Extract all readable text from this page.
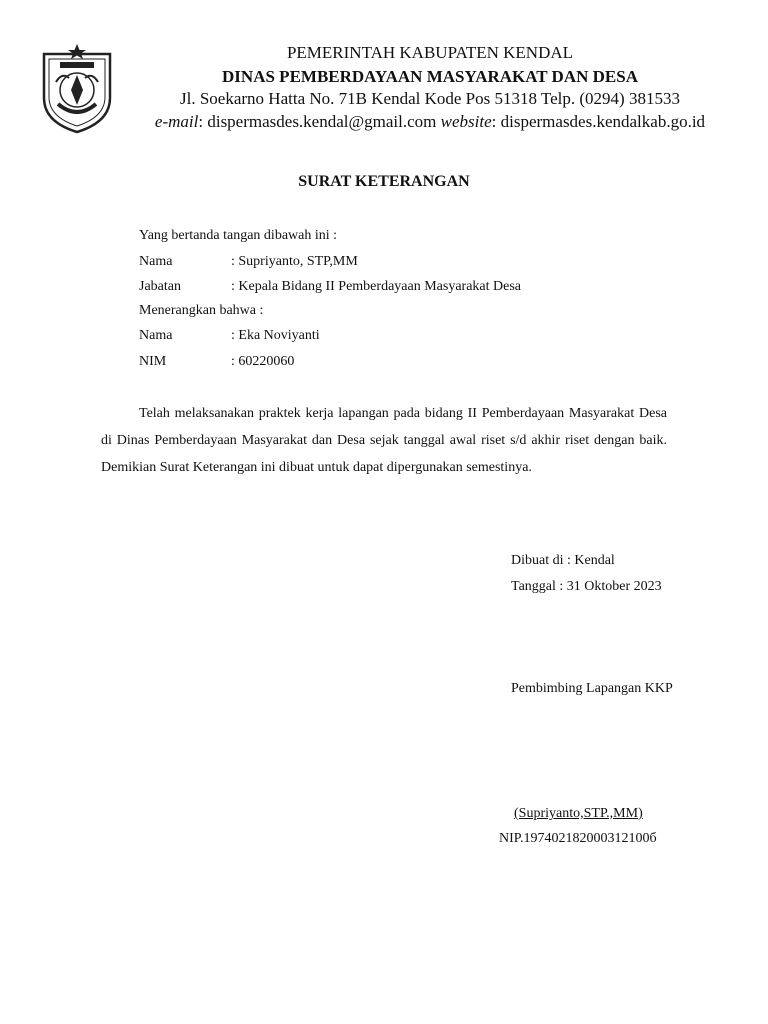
PEMERINTAH KABUPATEN KENDAL
DINAS PEMBERDAYAAN MASYARAKAT DAN DESA
Jl. Soekarno Hatta No. 71B Kendal Kode Pos 51318 Telp. (0294) 381533
e-mail: dispermasdes.kendal@gmail.com website: dispermasdes.kendalkab.go.id
SURAT KETERANGAN
Yang bertanda tangan dibawah ini :
Nama	: Supriyanto, STP,MM
Jabatan	: Kepala Bidang II Pemberdayaan Masyarakat Desa
Menerangkan bahwa :
Nama	: Eka Noviyanti
NIM	: 60220060
Telah melaksanakan praktek kerja lapangan pada bidang II Pemberdayaan Masyarakat Desa di Dinas Pemberdayaan Masyarakat dan Desa sejak tanggal awal riset s/d akhir riset dengan baik. Demikian Surat Keterangan ini dibuat untuk dapat dipergunakan semestinya.
Dibuat di : Kendal
Tanggal : 31 Oktober 2023
Pembimbing Lapangan KKP
(Supriyanto,STP.,MM)
NIP.197402182000312100б
